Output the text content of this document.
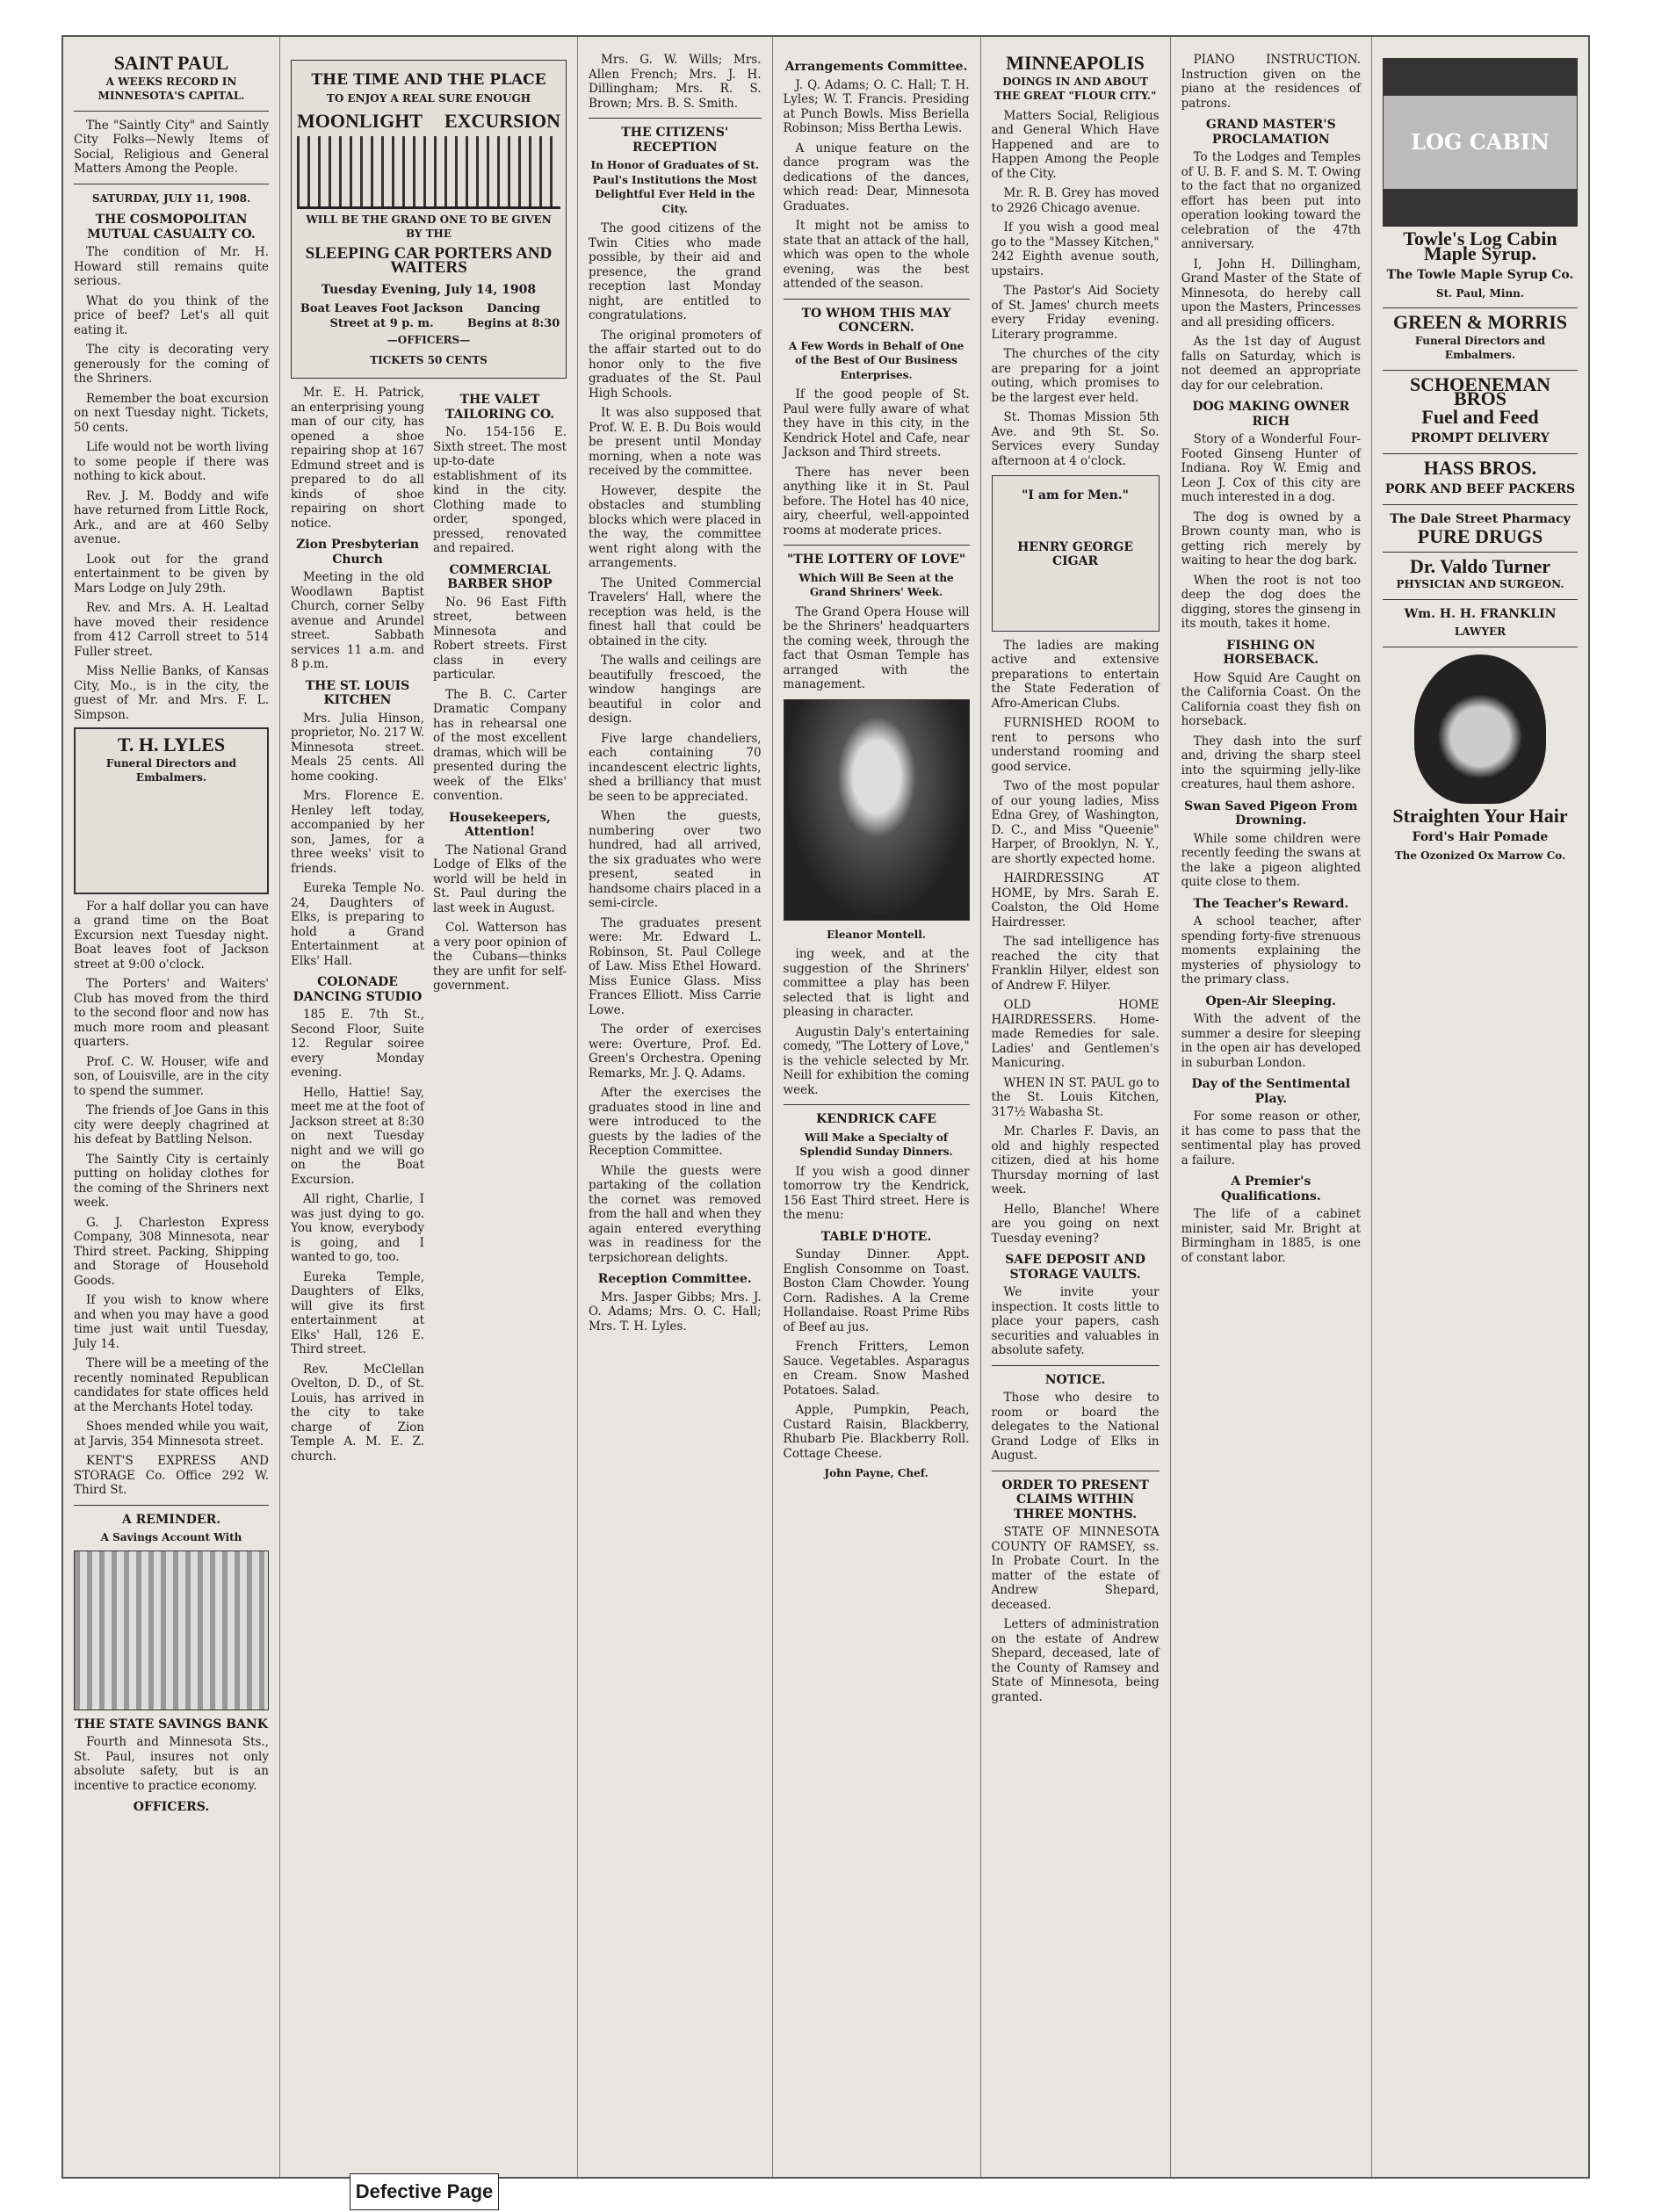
SAINT PAUL
A WEEKS RECORD IN MINNESOTA'S CAPITAL.

The "Saintly City" and Saintly City Folks—Newly Items of Social, Religious and General Matters Among the People.

SATURDAY, JULY 11, 1908.
THE COSMOPOLITAN MUTUAL CASUALTY CO.

The condition of Mr. H. Howard still remains quite serious.

What do you think of the price of beef? Let's all quit eating it.

The city is decorating very generously for the coming of the Shriners.

Remember the boat excursion on next Tuesday night. Tickets, 50 cents.

Life would not be worth living to some people if there was nothing to kick about.

Rev. J. M. Boddy and wife have returned from Little Rock, Ark., and are at 460 Selby avenue.

Look out for the grand entertainment to be given by Mars Lodge on July 29th.

Rev. and Mrs. A. H. Lealtad have moved their residence from 412 Carroll street to 514 Fuller street.

Miss Nellie Banks, of Kansas City, Mo., is in the city, the guest of Mr. and Mrs. F. L. Simpson.

T. H. LYLES
Funeral Directors and Embalmers.

For a half dollar you can have a grand time on the Boat Excursion next Tuesday night. Boat leaves foot of Jackson street at 9:00 o'clock.

The Porters' and Waiters' Club has moved from the third to the second floor and now has much more room and pleasant quarters.

Prof. C. W. Houser, wife and son, of Louisville, are in the city to spend the summer.

The friends of Joe Gans in this city were deeply chagrined at his defeat by Battling Nelson.

The Saintly City is certainly putting on holiday clothes for the coming of the Shriners next week.

G. J. Charleston Express Company, 308 Minnesota, near Third street. Packing, Shipping and Storage of Household Goods.

If you wish to know where and when you may have a good time just wait until Tuesday, July 14.

There will be a meeting of the recently nominated Republican candidates for state offices held at the Merchants Hotel today.

Shoes mended while you wait, at Jarvis, 354 Minnesota street.

KENT'S EXPRESS AND STORAGE Co. Office 292 W. Third St.

A REMINDER.
A Savings Account With
THE STATE SAVINGS BANK

Fourth and Minnesota Sts., St. Paul, insures not only absolute safety, but is an incentive to practice economy.

OFFICERS.
THE TIME AND THE PLACE
TO ENJOY A REAL SURE ENOUGH
MOONLIGHT EXCURSION
WILL BE THE GRAND ONE TO BE GIVEN BY THE
SLEEPING CAR PORTERS AND WAITERS
Tuesday Evening, July 14, 1908
Boat Leaves Foot Jackson Street at 9 p. m.
Dancing Begins at 8:30
—OFFICERS—
TICKETS 50 CENTS

Mr. E. H. Patrick, an enterprising young man of our city, has opened a shoe repairing shop at 167 Edmund street and is prepared to do all kinds of shoe repairing on short notice.

Zion Presbyterian Church

Meeting in the old Woodlawn Baptist Church, corner Selby avenue and Arundel street. Sabbath services 11 a.m. and 8 p.m.

THE ST. LOUIS KITCHEN

Mrs. Julia Hinson, proprietor, No. 217 W. Minnesota street. Meals 25 cents. All home cooking.

Mrs. Florence E. Henley left today, accompanied by her son, James, for a three weeks' visit to friends.

Eureka Temple No. 24, Daughters of Elks, is preparing to hold a Grand Entertainment at Elks' Hall.

COLONADE DANCING STUDIO

185 E. 7th St., Second Floor, Suite 12. Regular soiree every Monday evening.

Hello, Hattie! Say, meet me at the foot of Jackson street at 8:30 on next Tuesday night and we will go on the Boat Excursion.

All right, Charlie, I was just dying to go. You know, everybody is going, and I wanted to go, too.

Eureka Temple, Daughters of Elks, will give its first entertainment at Elks' Hall, 126 E. Third street.

Rev. McClellan Ovelton, D. D., of St. Louis, has arrived in the city to take charge of Zion Temple A. M. E. Z. church.

THE VALET TAILORING CO.

No. 154-156 E. Sixth street. The most up-to-date establishment of its kind in the city. Clothing made to order, sponged, pressed, renovated and repaired.

COMMERCIAL BARBER SHOP

No. 96 East Fifth street, between Minnesota and Robert streets. First class in every particular.

The B. C. Carter Dramatic Company has in rehearsal one of the most excellent dramas, which will be presented during the week of the Elks' convention.

Housekeepers, Attention!

The National Grand Lodge of Elks of the world will be held in St. Paul during the last week in August.

Col. Watterson has a very poor opinion of the Cubans—thinks they are unfit for self-government.

Mrs. G. W. Wills; Mrs. Allen French; Mrs. J. H. Dillingham; Mrs. R. S. Brown; Mrs. B. S. Smith.

THE CITIZENS' RECEPTION
In Honor of Graduates of St. Paul's Institutions the Most Delightful Ever Held in the City.

The good citizens of the Twin Cities who made possible, by their aid and presence, the grand reception last Monday night, are entitled to congratulations.

The original promoters of the affair started out to do honor only to the five graduates of the St. Paul High Schools.

It was also supposed that Prof. W. E. B. Du Bois would be present until Monday morning, when a note was received by the committee.

However, despite the obstacles and stumbling blocks which were placed in the way, the committee went right along with the arrangements.

The United Commercial Travelers' Hall, where the reception was held, is the finest hall that could be obtained in the city.

The walls and ceilings are beautifully frescoed, the window hangings are beautiful in color and design.

Five large chandeliers, each containing 70 incandescent electric lights, shed a brilliancy that must be seen to be appreciated.

When the guests, numbering over two hundred, had all arrived, the six graduates who were present, seated in handsome chairs placed in a semi-circle.

The graduates present were: Mr. Edward L. Robinson, St. Paul College of Law. Miss Ethel Howard. Miss Eunice Glass. Miss Frances Elliott. Miss Carrie Lowe.

The order of exercises were: Overture, Prof. Ed. Green's Orchestra. Opening Remarks, Mr. J. Q. Adams.

After the exercises the graduates stood in line and were introduced to the guests by the ladies of the Reception Committee.

While the guests were partaking of the collation the cornet was removed from the hall and when they again entered everything was in readiness for the terpsichorean delights.

Reception Committee.

Mrs. Jasper Gibbs; Mrs. J. O. Adams; Mrs. O. C. Hall; Mrs. T. H. Lyles.

Arrangements Committee.

J. Q. Adams; O. C. Hall; T. H. Lyles; W. T. Francis. Presiding at Punch Bowls. Miss Beriella Robinson; Miss Bertha Lewis.

A unique feature on the dance program was the dedications of the dances, which read: Dear, Minnesota Graduates.

It might not be amiss to state that an attack of the hall, which was open to the whole evening, was the best attended of the season.

TO WHOM THIS MAY CONCERN.
A Few Words in Behalf of One of the Best of Our Business Enterprises.

If the good people of St. Paul were fully aware of what they have in this city, in the Kendrick Hotel and Cafe, near Jackson and Third streets.

There has never been anything like it in St. Paul before. The Hotel has 40 nice, airy, cheerful, well-appointed rooms at moderate prices.

"THE LOTTERY OF LOVE"
Which Will Be Seen at the Grand Shriners' Week.

The Grand Opera House will be the Shriners' headquarters the coming week, through the fact that Osman Temple has arranged with the management.

Eleanor Montell.

ing week, and at the suggestion of the Shriners' committee a play has been selected that is light and pleasing in character.

Augustin Daly's entertaining comedy, "The Lottery of Love," is the vehicle selected by Mr. Neill for exhibition the coming week.

KENDRICK CAFE
Will Make a Specialty of Splendid Sunday Dinners.

If you wish a good dinner tomorrow try the Kendrick, 156 East Third street. Here is the menu:

TABLE D'HOTE.

Sunday Dinner. Appt. English Consomme on Toast. Boston Clam Chowder. Young Corn. Radishes. A la Creme Hollandaise. Roast Prime Ribs of Beef au jus.

French Fritters, Lemon Sauce. Vegetables. Asparagus en Cream. Snow Mashed Potatoes. Salad.

Apple, Pumpkin, Peach, Custard Raisin, Blackberry, Rhubarb Pie. Blackberry Roll. Cottage Cheese.

John Payne, Chef.
MINNEAPOLIS
DOINGS IN AND ABOUT THE GREAT "FLOUR CITY."

Matters Social, Religious and General Which Have Happened and are to Happen Among the People of the City.

Mr. R. B. Grey has moved to 2926 Chicago avenue.

If you wish a good meal go to the "Massey Kitchen," 242 Eighth avenue south, upstairs.

The Pastor's Aid Society of St. James' church meets every Friday evening. Literary programme.

The churches of the city are preparing for a joint outing, which promises to be the largest ever held.

St. Thomas Mission 5th Ave. and 9th St. So. Services every Sunday afternoon at 4 o'clock.

"I am for Men."
HENRY GEORGE CIGAR

The ladies are making active and extensive preparations to entertain the State Federation of Afro-American Clubs.

FURNISHED ROOM to rent to persons who understand rooming and good service.

Two of the most popular of our young ladies, Miss Edna Grey, of Washington, D. C., and Miss "Queenie" Harper, of Brooklyn, N. Y., are shortly expected home.

HAIRDRESSING AT HOME, by Mrs. Sarah E. Coalston, the Old Home Hairdresser.

The sad intelligence has reached the city that Franklin Hilyer, eldest son of Andrew F. Hilyer.

OLD HOME HAIRDRESSERS. Home-made Remedies for sale. Ladies' and Gentlemen's Manicuring.

WHEN IN ST. PAUL go to the St. Louis Kitchen, 317½ Wabasha St.

Mr. Charles F. Davis, an old and highly respected citizen, died at his home Thursday morning of last week.

Hello, Blanche! Where are you going on next Tuesday evening?

SAFE DEPOSIT AND STORAGE VAULTS.

We invite your inspection. It costs little to place your papers, cash securities and valuables in absolute safety.

NOTICE.

Those who desire to room or board the delegates to the National Grand Lodge of Elks in August.

ORDER TO PRESENT CLAIMS WITHIN THREE MONTHS.

STATE OF MINNESOTA COUNTY OF RAMSEY, ss. In Probate Court. In the matter of the estate of Andrew Shepard, deceased.

Letters of administration on the estate of Andrew Shepard, deceased, late of the County of Ramsey and State of Minnesota, being granted.

PIANO INSTRUCTION. Instruction given on the piano at the residences of patrons.

GRAND MASTER'S PROCLAMATION

To the Lodges and Temples of U. B. F. and S. M. T. Owing to the fact that no organized effort has been put into operation looking toward the celebration of the 47th anniversary.

I, John H. Dillingham, Grand Master of the State of Minnesota, do hereby call upon the Masters, Princesses and all presiding officers.

As the 1st day of August falls on Saturday, which is not deemed an appropriate day for our celebration.

DOG MAKING OWNER RICH

Story of a Wonderful Four-Footed Ginseng Hunter of Indiana. Roy W. Emig and Leon J. Cox of this city are much interested in a dog.

The dog is owned by a Brown county man, who is getting rich merely by waiting to hear the dog bark.

When the root is not too deep the dog does the digging, stores the ginseng in its mouth, takes it home.

FISHING ON HORSEBACK.

How Squid Are Caught on the California Coast. On the California coast they fish on horseback.

They dash into the surf and, driving the sharp steel into the squirming jelly-like creatures, haul them ashore.

Swan Saved Pigeon From Drowning.

While some children were recently feeding the swans at the lake a pigeon alighted quite close to them.

The Teacher's Reward.

A school teacher, after spending forty-five strenuous moments explaining the mysteries of physiology to the primary class.

Open-Air Sleeping.

With the advent of the summer a desire for sleeping in the open air has developed in suburban London.

Day of the Sentimental Play.

For some reason or other, it has come to pass that the sentimental play has proved a failure.

A Premier's Qualifications.

The life of a cabinet minister, said Mr. Bright at Birmingham in 1885, is one of constant labor.

LOG CABIN
Towle's Log Cabin Maple Syrup.
The Towle Maple Syrup Co.
St. Paul, Minn.
GREEN & MORRIS
Funeral Directors and Embalmers.
SCHOENEMAN BROS
Fuel and Feed
PROMPT DELIVERY
HASS BROS.
PORK AND BEEF PACKERS
The Dale Street Pharmacy
PURE DRUGS
Dr. Valdo Turner
PHYSICIAN AND SURGEON.
Wm. H. H. FRANKLIN
LAWYER
Straighten Your Hair
Ford's Hair Pomade
The Ozonized Ox Marrow Co.
Defective Page
